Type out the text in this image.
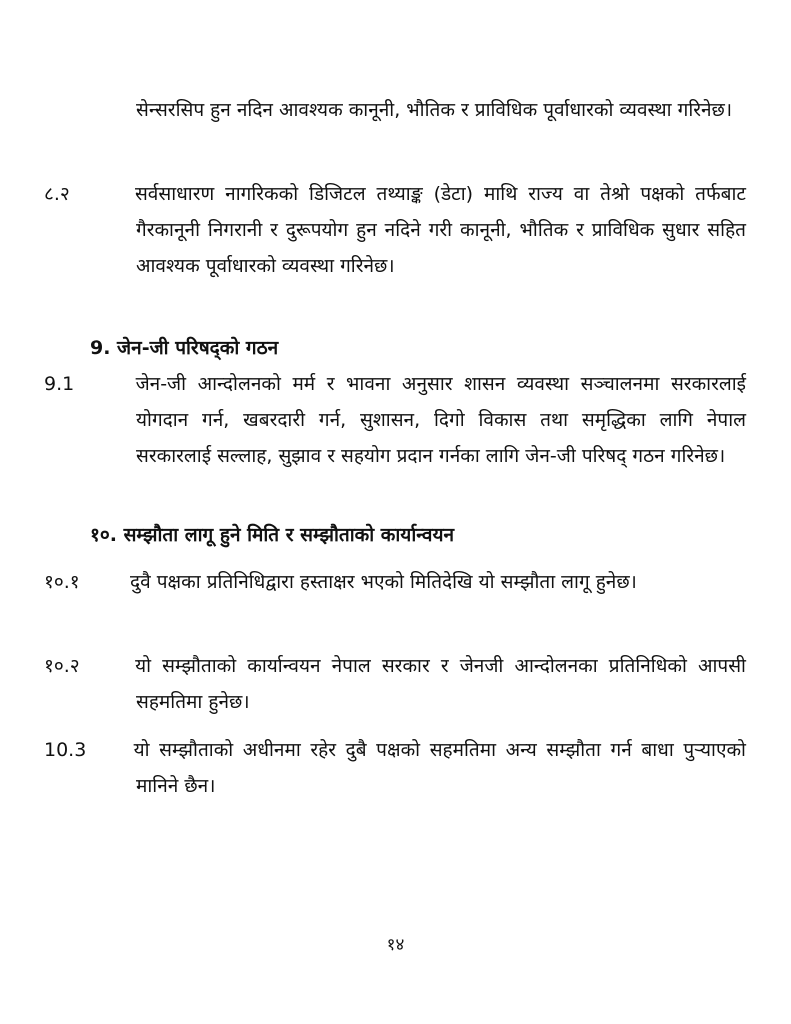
सेन्सरसिप हुन नदिन आवश्यक कानूनी, भौतिक र प्राविधिक पूर्वाधारको व्यवस्था गरिनेछ।
८.२	सर्वसाधारण नागरिकको डिजिटल तथ्याङ्क (डेटा) माथि राज्य वा तेश्रो पक्षको तर्फबाट गैरकानूनी निगरानी र दुरूपयोग हुन नदिने गरी कानूनी, भौतिक र प्राविधिक सुधार सहित आवश्यक पूर्वाधारको व्यवस्था गरिनेछ।
9. जेन-जी परिषद्को गठन
9.1	जेन-जी आन्दोलनको मर्म र भावना अनुसार शासन व्यवस्था सञ्चालनमा सरकारलाई योगदान गर्न, खबरदारी गर्न, सुशासन, दिगो विकास तथा समृद्धिका लागि नेपाल सरकारलाई सल्लाह, सुझाव र सहयोग प्रदान गर्नका लागि जेन-जी परिषद् गठन गरिनेछ।
१०. सम्झौता लागू हुने मिति र सम्झौताको कार्यान्वयन
१०.१	दुवै पक्षका प्रतिनिधिद्वारा हस्ताक्षर भएको मितिदेखि यो सम्झौता लागू हुनेछ।
१०.२	यो सम्झौताको कार्यान्वयन नेपाल सरकार र जेनजी आन्दोलनका प्रतिनिधिको आपसी सहमतिमा हुनेछ।
10.3 यो सम्झौताको अधीनमा रहेर दुबै पक्षको सहमतिमा अन्य सम्झौता गर्न बाधा पुऱ्याएको मानिने छैन।
१४
